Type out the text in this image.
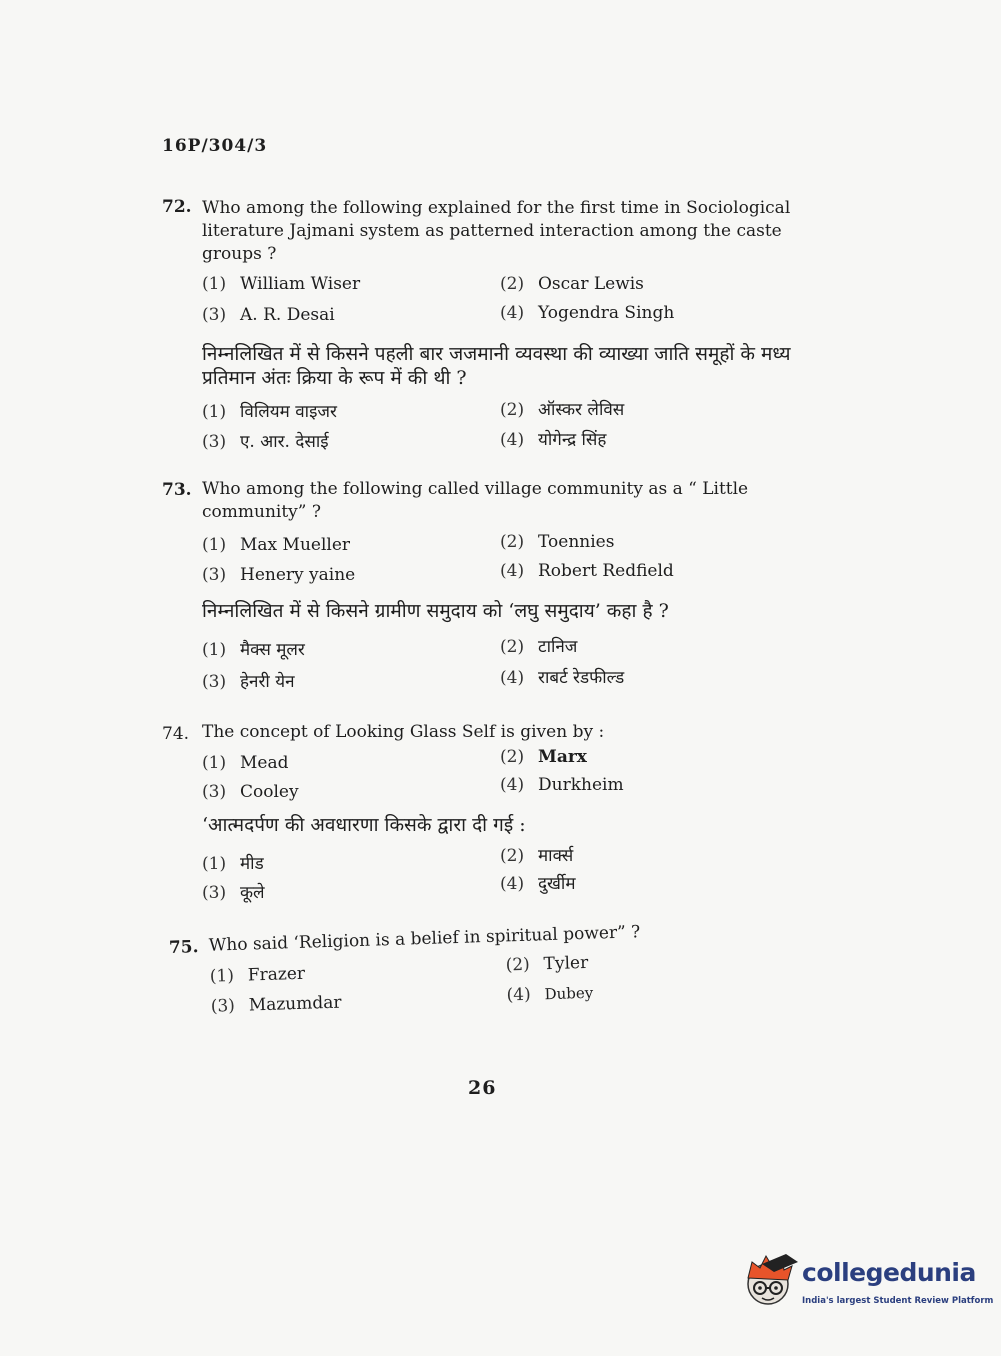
16P/304/3
72. Who among the following explained for the first time in Sociological literature Jajmani system as patterned interaction among the caste groups ?
(1) William Wiser	(2) Oscar Lewis
(3) A. R. Desai	(4) Yogendra Singh
निम्नलिखित में से किसने पहली बार जजमानी व्यवस्था की व्याख्या जाति समूहों के मध्य प्रतिमान अंतः क्रिया के रूप में की थी ?
(1) विलियम वाइजर	(2) ऑस्कर लेविस
(3) ए. आर. देसाई	(4) योगेन्द्र सिंह
73. Who among the following called village community as a “ Little community” ?
(1) Max Mueller	(2) Toennies
(3) Henery yaine	(4) Robert Redfield
निम्नलिखित में से किसने ग्रामीण समुदाय को ‘लघु समुदाय’ कहा है ?
(1) मैक्स मूलर	(2) टानिज
(3) हेनरी येन	(4) राबर्ट रेडफील्ड
74. The concept of Looking Glass Self is given by :
(1) Mead	(2) Marx
(3) Cooley	(4) Durkheim
‘आत्मदर्पण की अवधारणा किसके द्वारा दी गई :
(1) मीड	(2) मार्क्स
(3) कूले	(4) दुर्खीम
75. Who said ‘Religion is a belief in spiritual power” ?
(1) Frazer	(2) Tyler
(3) Mazumdar	(4) Dubey
26
collegedunia
India's largest Student Review Platform
